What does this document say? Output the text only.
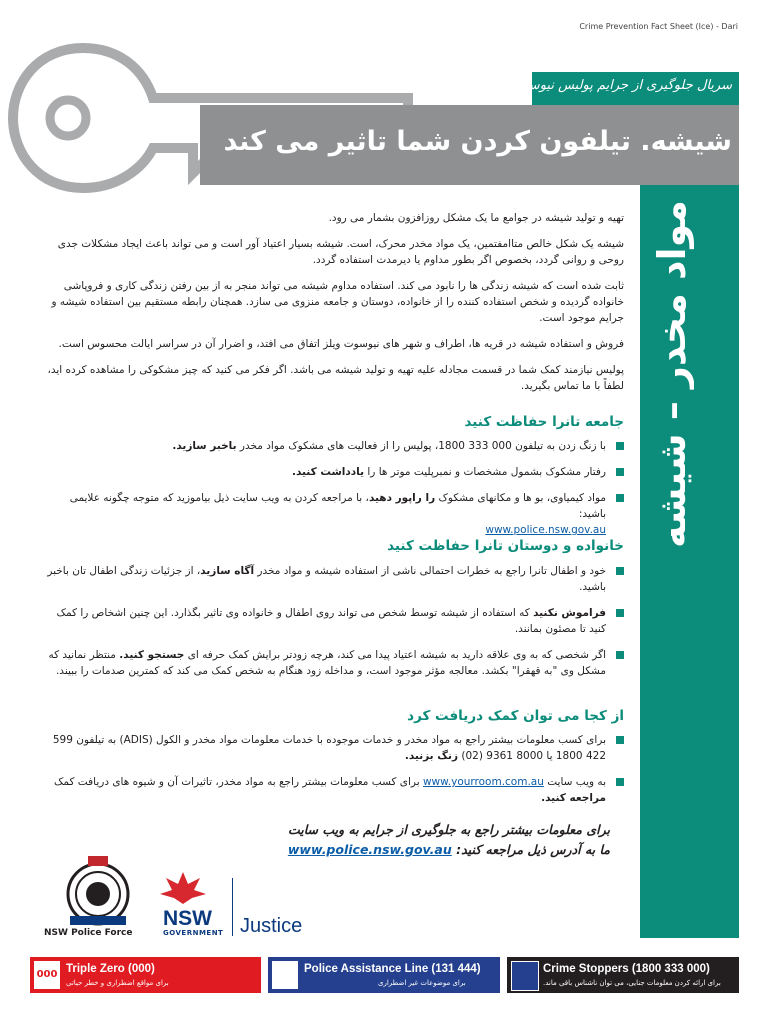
Crime Prevention Fact Sheet (Ice) - Dari
سریال جلوگیری از جرایم پولیس نیوسوت ویلز
شیشه. تیلفون کردن شما تاثیر می کند
مواد مخدر – شیشه

تهیه و تولید شیشه در جوامع ما یک مشکل روزافزون بشمار می رود.

شیشه یک شکل خالص متاامفتمین، یک مواد مخدر محرک، است. شیشه بسیار اعتیاد آور است و می تواند باعث ایجاد مشکلات جدی روحی و روانی گردد، بخصوص اگر بطور مداوم یا دیرمدت استفاده گردد.

ثابت شده است که شیشه زندگی ها را نابود می کند. استفاده مداوم شیشه می تواند منجر به از بین رفتن زندگی کاری و فروپاشی خانواده گردیده و شخص استفاده کننده را از خانواده، دوستان و جامعه منزوی می سازد. همچنان رابطه مستقیم بین استفاده شیشه و جرایم موجود است.

فروش و استفاده شیشه در قریه ها، اطراف و شهر های نیوسوت ویلز اتفاق می افتد، و اضرار آن در سراسر ایالت محسوس است.

پولیس نیازمند کمک شما در قسمت مجادله علیه تهیه و تولید شیشه می باشد. اگر فکر می کنید که چیز مشکوکی را مشاهده کرده اید، لطفاً با ما تماس بگیرید.

جامعه تانرا حفاظت کنید
با زنگ زدن به تیلفون 000 333 1800، پولیس را از فعالیت های مشکوک مواد مخدر باخبر سازید.
رفتار مشکوک بشمول مشخصات و نمبرپلیت موتر ها را یادداشت کنید.
مواد کیمیاوی، بو ها و مکانهای مشکوک را راپور دهید، با مراجعه کردن به ویب سایت ذیل بیاموزید که متوجه چگونه علایمی باشید:
www.police.nsw.gov.au
خانواده و دوستان تانرا حفاظت کنید
خود و اطفال تانرا راجع به خطرات احتمالی ناشی از استفاده شیشه و مواد مخدر آگاه سازید، از جزئیات زندگی اطفال تان باخبر باشید.
فراموش نکنید که استفاده از شیشه توسط شخص می تواند روی اطفال و خانواده وی تاثیر بگذارد. این چنین اشخاص را کمک کنید تا مصئون بمانند.
اگر شخصی که به وی علاقه دارید به شیشه اعتیاد پیدا می کند، هرچه زودتر برایش کمک حرفه ای جستجو کنید. منتظر نمانید که مشکل وی "به قهقرا" بکشد. معالجه مؤثر موجود است، و مداخله زود هنگام به شخص کمک می کند که کمترین صدمات را ببیند.
از کجا می توان کمک دریافت کرد
برای کسب معلومات بیشتر راجع به مواد مخدر و خدمات موجوده با خدمات معلومات مواد مخدر و الکول (ADIS) به تیلفون 599 422 1800 یا 8000 9361 (02) زنگ بزنید.
به ویب سایت www.yourroom.com.au برای کسب معلومات بیشتر راجع به مواد مخدر، تاثیرات آن و شیوه های دریافت کمک مراجعه کنید.
برای معلومات بیشتر راجع به جلوگیری از جرایم به ویب سایت
ما به آدرس ذیل مراجعه کنید: www.police.nsw.gov.au
NSW Police Force
NSW
GOVERNMENT Justice
000 Triple Zero (000)
برای مواقع اضطراری و خطر حیاتی
Police Assistance Line (131 444)
برای موضوعات غیر اضطراری
Crime Stoppers (1800 333 000)
برای ارائه کردن معلومات جنایی، می توان ناشناس باقی ماند.
